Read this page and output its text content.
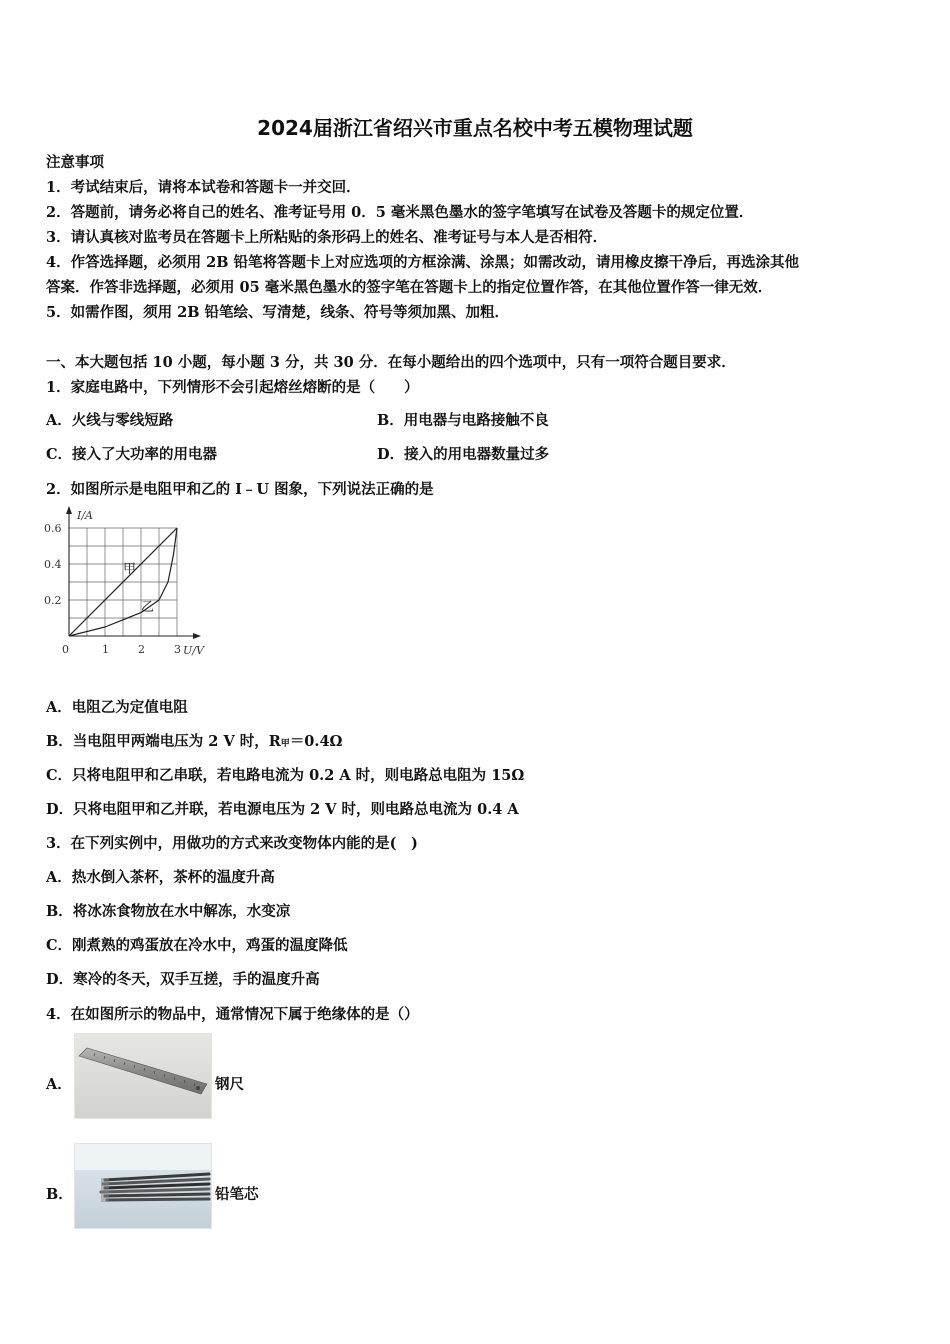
2024届浙江省绍兴市重点名校中考五模物理试题
注意事项
1．考试结束后，请将本试卷和答题卡一并交回．
2．答题前，请务必将自己的姓名、准考证号用 0．5 毫米黑色墨水的签字笔填写在试卷及答题卡的规定位置．
3．请认真核对监考员在答题卡上所粘贴的条形码上的姓名、准考证号与本人是否相符．
4．作答选择题，必须用 2B 铅笔将答题卡上对应选项的方框涂满、涂黑；如需改动，请用橡皮擦干净后，再选涂其他
答案．作答非选择题，必须用 05 毫米黑色墨水的签字笔在答题卡上的指定位置作答，在其他位置作答一律无效．
5．如需作图，须用 2B 铅笔绘、写清楚，线条、符号等须加黑、加粗．
一、本大题包括 10 小题，每小题 3 分，共 30 分．在每小题给出的四个选项中，只有一项符合题目要求．
1．家庭电路中，下列情形不会引起熔丝熔断的是（　　）
A．火线与零线短路	B．用电器与电路接触不良
C．接入了大功率的用电器	D．接入的用电器数量过多
2．如图所示是电阻甲和乙的 I﹣U 图象，下列说法正确的是
0	1	2	3
0.2
0.4
0.6
I/A
U/V
甲
乙
A．电阻乙为定值电阻
B．当电阻甲两端电压为 2 V 时，R甲＝0.4Ω
C．只将电阻甲和乙串联，若电路电流为 0.2 A 时，则电路总电阻为 15Ω
D．只将电阻甲和乙并联，若电源电压为 2 V 时，则电路总电流为 0.4 A
3．在下列实例中，用做功的方式来改变物体内能的是(　)
A．热水倒入茶杯，茶杯的温度升高
B．将冰冻食物放在水中解冻，水变凉
C．刚煮熟的鸡蛋放在冷水中，鸡蛋的温度降低
D．寒冷的冬天，双手互搓，手的温度升高
4．在如图所示的物品中，通常情况下属于绝缘体的是（）
A．	钢尺
B．	铅笔芯
